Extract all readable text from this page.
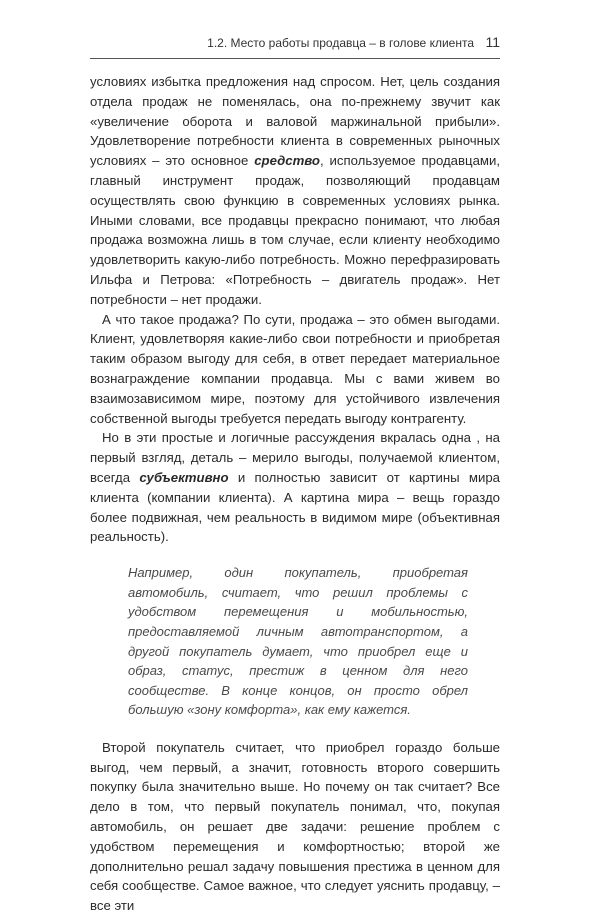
1.2. Место работы продавца – в голове клиента 11

условиях избытка предложения над спросом. Нет, цель создания отдела продаж не поменялась, она по-прежнему звучит как «увеличение оборота и валовой маржинальной прибыли». Удовлетворение потребности клиента в современных рыночных условиях – это основное средство, используемое продавцами, главный инструмент продаж, позволяющий продавцам осуществлять свою функцию в современных условиях рынка. Иными словами, все продавцы прекрасно понимают, что любая продажа возможна лишь в том случае, если клиенту необходимо удовлетворить какую-либо потребность. Можно перефразировать Ильфа и Петрова: «Потребность – двигатель продаж». Нет потребности – нет продажи.

А что такое продажа? По сути, продажа – это обмен выгодами. Клиент, удовлетворяя какие-либо свои потребности и приобретая таким образом выгоду для себя, в ответ передает материальное вознаграждение компании продавца. Мы с вами живем во взаимозависимом мире, поэтому для устойчивого извлечения собственной выгоды требуется передать выгоду контрагенту.

Но в эти простые и логичные рассуждения вкралась одна , на первый взгляд, деталь – мерило выгоды, получаемой клиентом, всегда субъективно и полностью зависит от картины мира клиента (компании клиента). А картина мира – вещь гораздо более подвижная, чем реальность в видимом мире (объективная реальность).

Например, один покупатель, приобретая автомобиль, считает, что решил проблемы с удобством перемещения и мобильностью, предоставляемой личным автотранспортом, а другой покупатель думает, что приобрел еще и образ, статус, престиж в ценном для него сообществе. В конце концов, он просто обрел большую «зону комфорта», как ему кажется.

Второй покупатель считает, что приобрел гораздо больше выгод, чем первый, а значит, готовность второго совершить покупку была значительно выше. Но почему он так считает? Все дело в том, что первый покупатель понимал, что, покупая автомобиль, он решает две задачи: решение проблем с удобством перемещения и комфортностью; второй же дополнительно решал задачу повышения престижа в ценном для себя сообществе. Самое важное, что следует уяснить продавцу, – все эти
